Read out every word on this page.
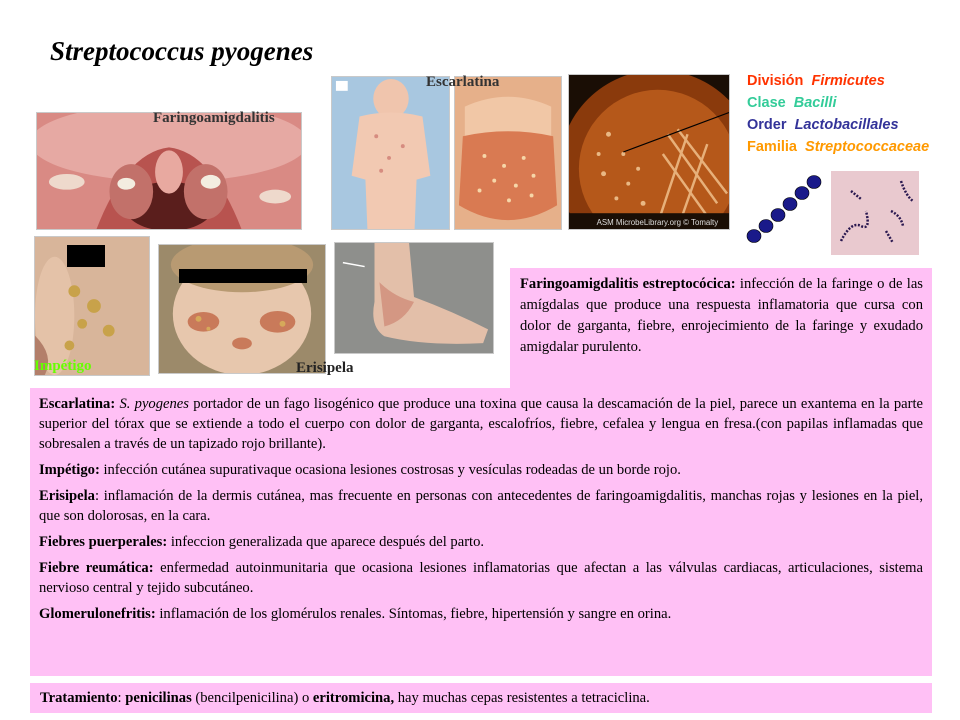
Streptococcus pyogenes
Faringoamigdalitis
Escarlatina
ASM MicrobeLibrary.org © Tomalty
División Firmicutes
Clase Bacilli
Order Lactobacillales
Familia Streptococcaceae
Impétigo	Erisipela
Faringoamigdalitis estreptocócica: infección de la faringe o de las amígdalas que produce una respuesta inflamatoria que cursa con dolor de garganta, fiebre, enrojecimiento de la faringe y exudado amigdalar purulento.

Escarlatina: S. pyogenes portador de un fago lisogénico que produce una toxina que causa la descamación de la piel, parece un exantema en la parte superior del tórax que se extiende a todo el cuerpo con dolor de garganta, escalofríos, fiebre, cefalea y lengua en fresa.(con papilas inflamadas que sobresalen a través de un tapizado rojo brillante).

Impétigo: infección cutánea supurativaque ocasiona lesiones costrosas y vesículas rodeadas de un borde rojo.

Erisipela: inflamación de la dermis cutánea, mas frecuente en personas con antecedentes de faringoamigdalitis, manchas rojas y lesiones en la piel, que son dolorosas, en la cara.

Fiebres puerperales: infeccion generalizada que aparece después del parto.

Fiebre reumática: enfermedad autoinmunitaria que ocasiona lesiones inflamatorias que afectan a las válvulas cardiacas, articulaciones, sistema nervioso central y tejido subcutáneo.

Glomerulonefritis: inflamación de los glomérulos renales. Síntomas, fiebre, hipertensión y sangre en orina.

Tratamiento: penicilinas (bencilpenicilina) o eritromicina, hay muchas cepas resistentes a tetraciclina.
